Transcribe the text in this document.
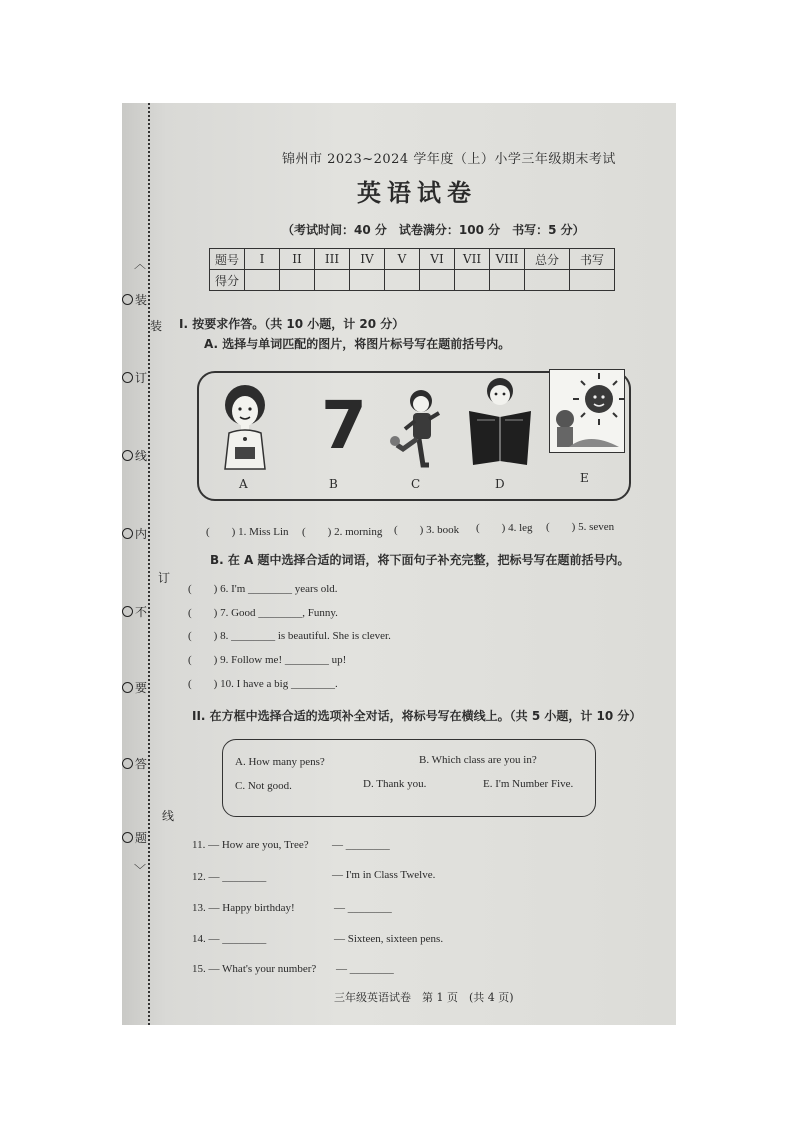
︿
装
订
线
内
不
要
答
题
﹀
装
订
线
锦州市 2023~2024 学年度（上）小学三年级期末考试
英语试卷
（考试时间：40 分　试卷满分：100 分　书写：5 分）
题号	I	II	III	IV	V	VI	VII	VIII	总分	书写
得分										
I. 按要求作答。（共 10 小题，计 20 分）
A. 选择与单词匹配的图片，将图片标号写在题前括号内。
7
A	B	C	D	E
(　　) 1. Miss Lin (　　) 2. morning (　　) 3. book (　　) 4. leg (　　) 5. seven
B. 在 A 题中选择合适的词语，将下面句子补充完整，把标号写在题前括号内。
(　　) 6. I'm ________ years old.
(　　) 7. Good ________, Funny.
(　　) 8. ________ is beautiful. She is clever.
(　　) 9. Follow me! ________ up!
(　　) 10. I have a big ________.
II. 在方框中选择合适的选项补全对话，将标号写在横线上。（共 5 小题，计 10 分）
A. How many pens?	B. Which class are you in?
C. Not good.	D. Thank you.	E. I'm Number Five.
11. — How are you, Tree? — ________
12. — ________	— I'm in Class Twelve.
13. — Happy birthday!	— ________
14. — ________	— Sixteen, sixteen pens.
15. — What's your number? — ________
三年级英语试卷　第 1 页　(共 4 页)
